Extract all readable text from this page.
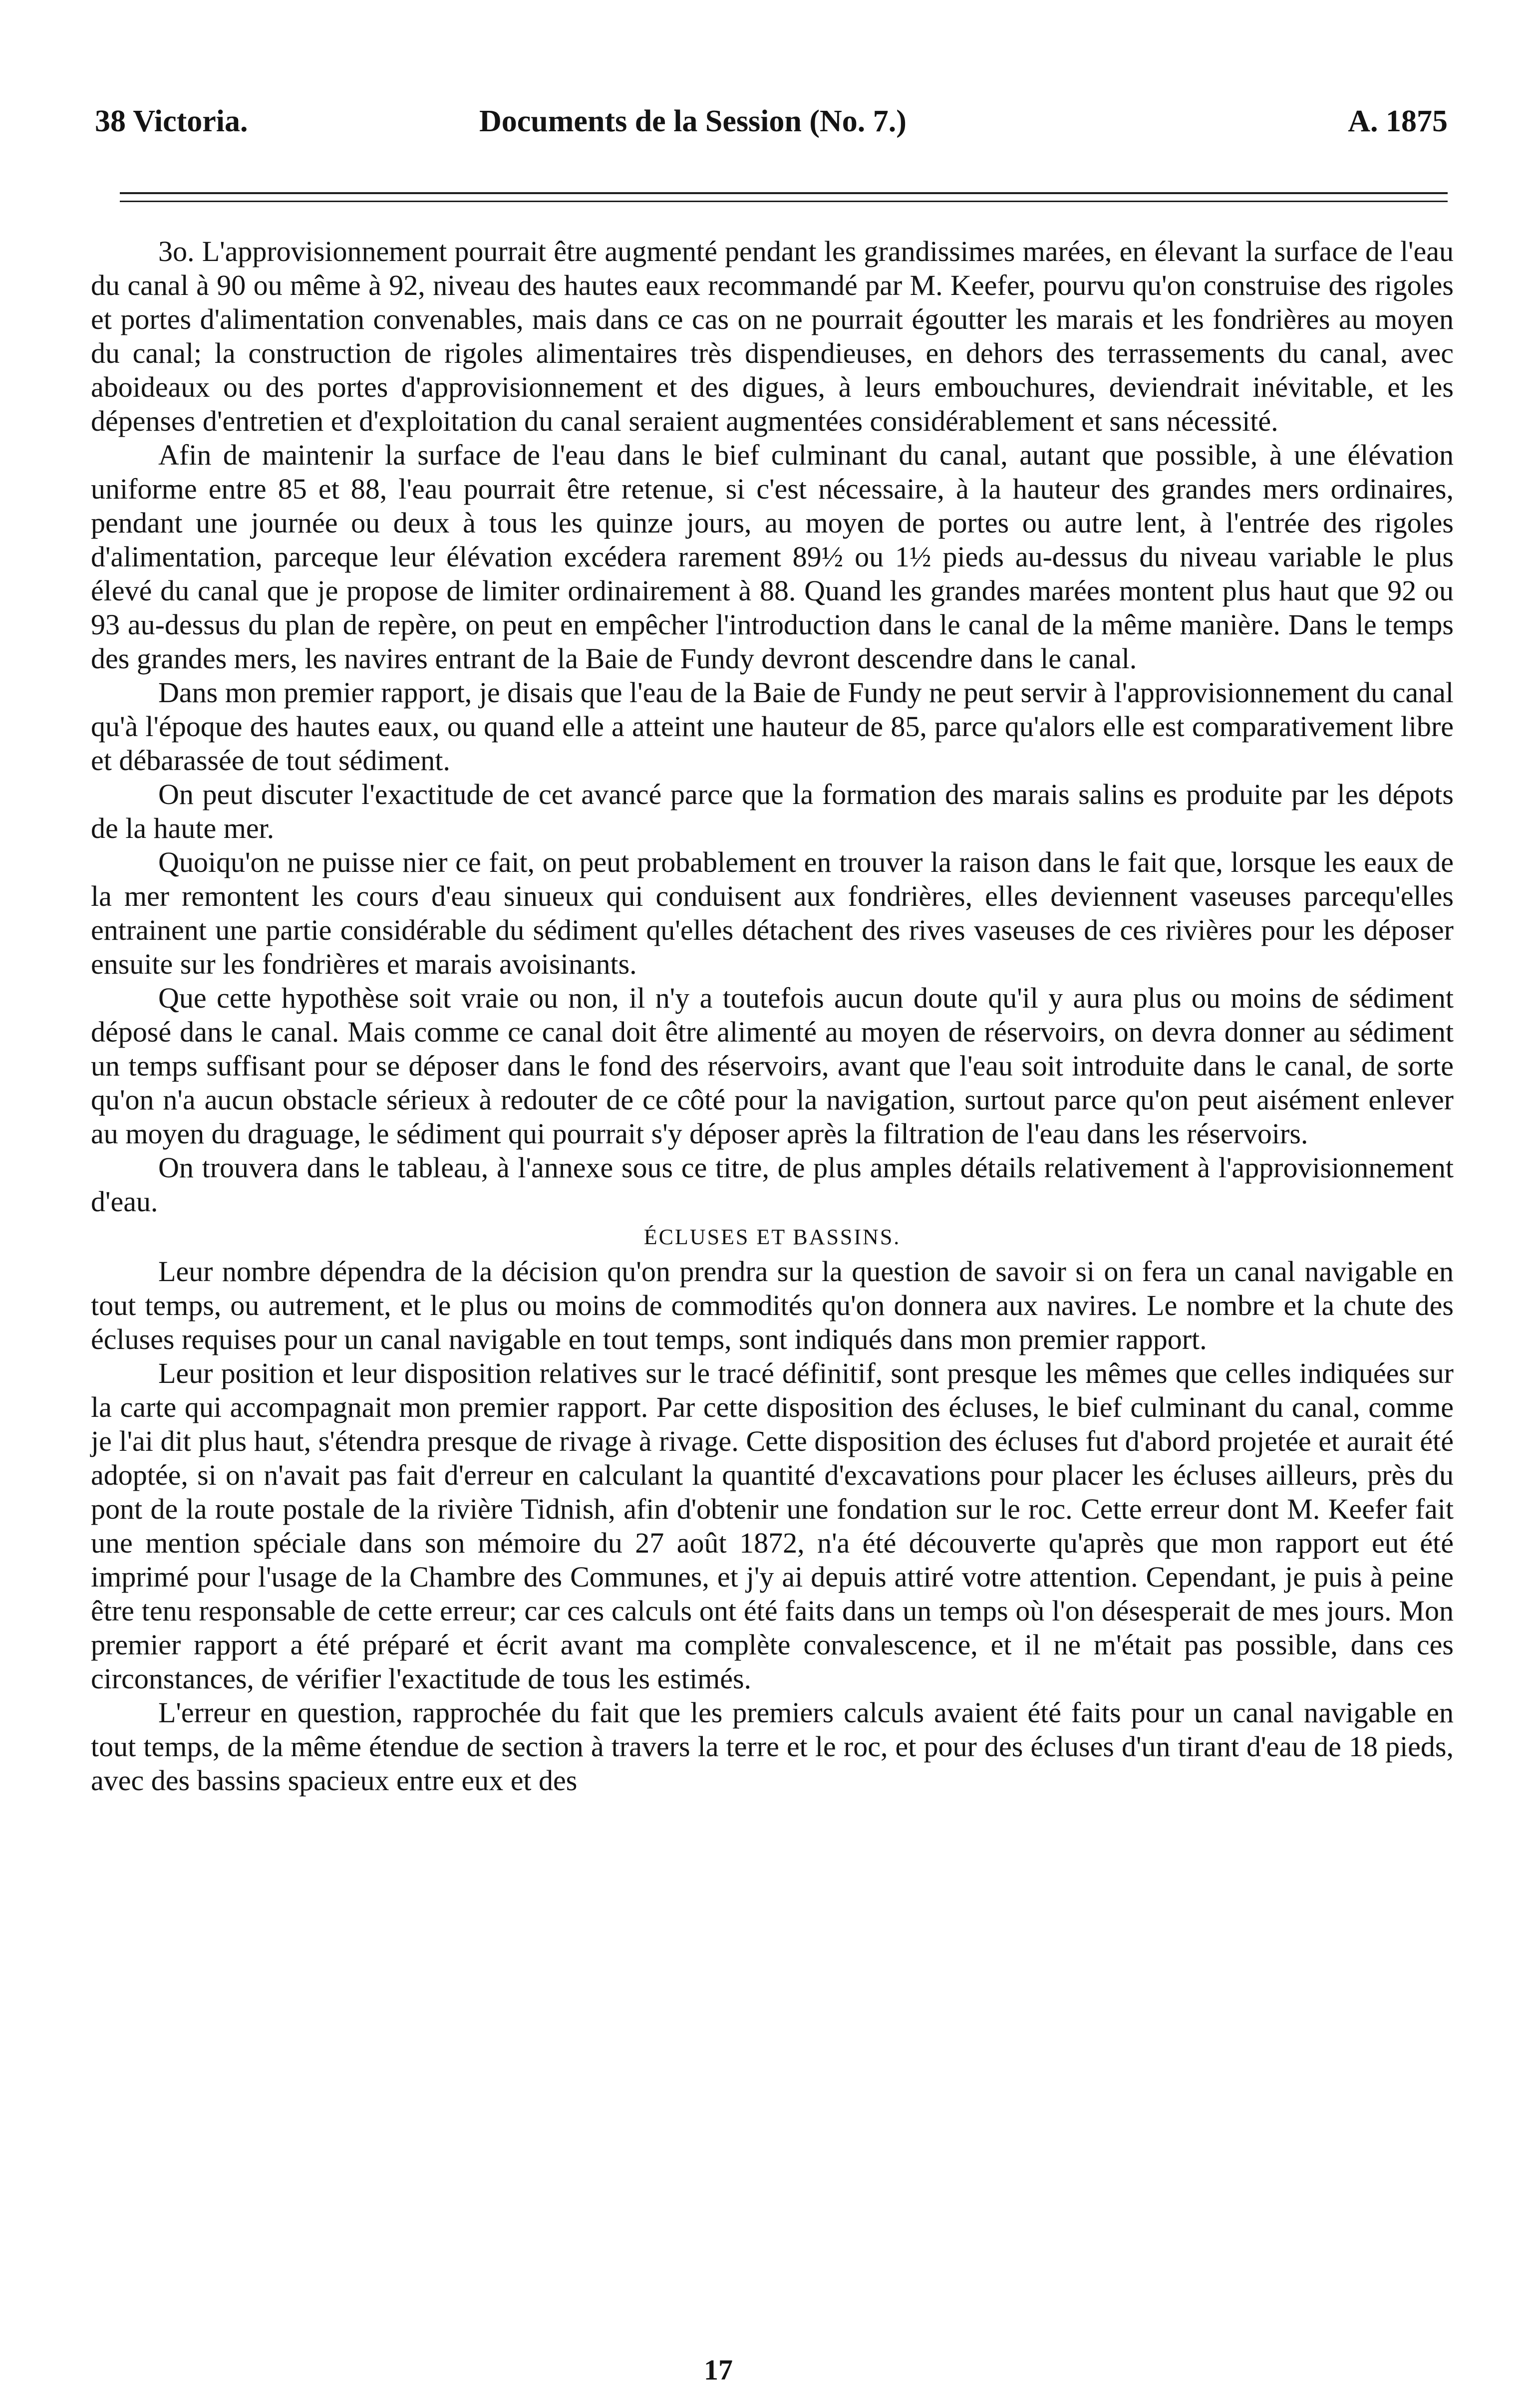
38 Victoria.	Documents de la Session (No. 7.)	A. 1875

3o. L'approvisionnement pourrait être augmenté pendant les grandissimes marées, en élevant la surface de l'eau du canal à 90 ou même à 92, niveau des hautes eaux recommandé par M. Keefer, pourvu qu'on construise des rigoles et portes d'alimentation convenables, mais dans ce cas on ne pourrait égoutter les marais et les fondrières au moyen du canal; la construction de rigoles alimentaires très dispendieuses, en dehors des terrassements du canal, avec aboideaux ou des portes d'approvisionnement et des digues, à leurs embouchures, deviendrait inévitable, et les dépenses d'entretien et d'exploitation du canal seraient augmentées considérablement et sans nécessité.

Afin de maintenir la surface de l'eau dans le bief culminant du canal, autant que possible, à une élévation uniforme entre 85 et 88, l'eau pourrait être retenue, si c'est nécessaire, à la hauteur des grandes mers ordinaires, pendant une journée ou deux à tous les quinze jours, au moyen de portes ou autre lent, à l'entrée des rigoles d'alimentation, parceque leur élévation excédera rarement 89½ ou 1½ pieds au-dessus du niveau variable le plus élevé du canal que je propose de limiter ordinairement à 88. Quand les grandes marées montent plus haut que 92 ou 93 au-dessus du plan de repère, on peut en empêcher l'introduction dans le canal de la même manière. Dans le temps des grandes mers, les navires entrant de la Baie de Fundy devront descendre dans le canal.

Dans mon premier rapport, je disais que l'eau de la Baie de Fundy ne peut servir à l'approvisionnement du canal qu'à l'époque des hautes eaux, ou quand elle a atteint une hauteur de 85, parce qu'alors elle est comparativement libre et débarassée de tout sédiment.

On peut discuter l'exactitude de cet avancé parce que la formation des marais salins es produite par les dépots de la haute mer.

Quoiqu'on ne puisse nier ce fait, on peut probablement en trouver la raison dans le fait que, lorsque les eaux de la mer remontent les cours d'eau sinueux qui conduisent aux fondrières, elles deviennent vaseuses parcequ'elles entrainent une partie considérable du sédiment qu'elles détachent des rives vaseuses de ces rivières pour les déposer ensuite sur les fondrières et marais avoisinants.

Que cette hypothèse soit vraie ou non, il n'y a toutefois aucun doute qu'il y aura plus ou moins de sédiment déposé dans le canal. Mais comme ce canal doit être alimenté au moyen de réservoirs, on devra donner au sédiment un temps suffisant pour se déposer dans le fond des réservoirs, avant que l'eau soit introduite dans le canal, de sorte qu'on n'a aucun obstacle sérieux à redouter de ce côté pour la navigation, surtout parce qu'on peut aisément enlever au moyen du draguage, le sédiment qui pourrait s'y déposer après la filtration de l'eau dans les réservoirs.

On trouvera dans le tableau, à l'annexe sous ce titre, de plus amples détails relativement à l'approvisionnement d'eau.

ÉCLUSES ET BASSINS.

Leur nombre dépendra de la décision qu'on prendra sur la question de savoir si on fera un canal navigable en tout temps, ou autrement, et le plus ou moins de commodités qu'on donnera aux navires. Le nombre et la chute des écluses requises pour un canal navigable en tout temps, sont indiqués dans mon premier rapport.

Leur position et leur disposition relatives sur le tracé définitif, sont presque les mêmes que celles indiquées sur la carte qui accompagnait mon premier rapport. Par cette disposition des écluses, le bief culminant du canal, comme je l'ai dit plus haut, s'étendra presque de rivage à rivage. Cette disposition des écluses fut d'abord projetée et aurait été adoptée, si on n'avait pas fait d'erreur en calculant la quantité d'excavations pour placer les écluses ailleurs, près du pont de la route postale de la rivière Tidnish, afin d'obtenir une fondation sur le roc. Cette erreur dont M. Keefer fait une mention spéciale dans son mémoire du 27 août 1872, n'a été découverte qu'après que mon rapport eut été imprimé pour l'usage de la Chambre des Communes, et j'y ai depuis attiré votre attention. Cependant, je puis à peine être tenu responsable de cette erreur; car ces calculs ont été faits dans un temps où l'on désesperait de mes jours. Mon premier rapport a été préparé et écrit avant ma complète convalescence, et il ne m'était pas possible, dans ces circonstances, de vérifier l'exactitude de tous les estimés.

L'erreur en question, rapprochée du fait que les premiers calculs avaient été faits pour un canal navigable en tout temps, de la même étendue de section à travers la terre et le roc, et pour des écluses d'un tirant d'eau de 18 pieds, avec des bassins spacieux entre eux et des

17
